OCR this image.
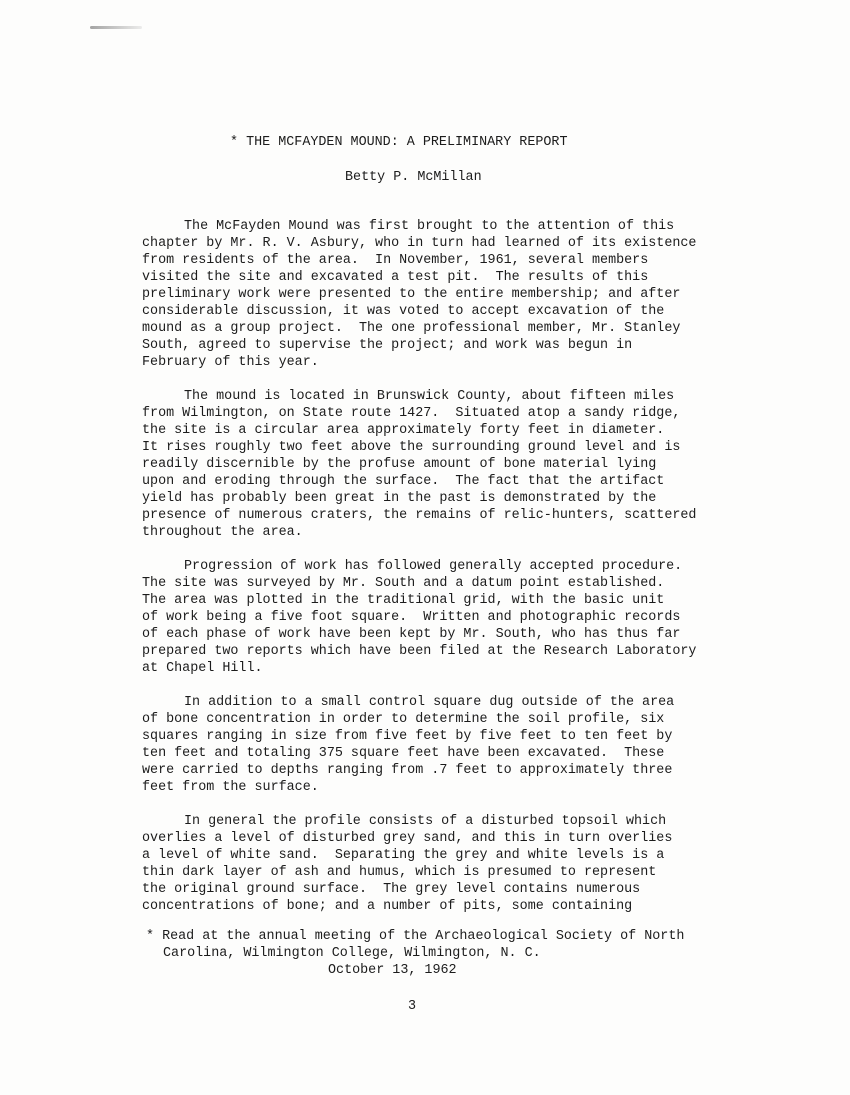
* THE MCFAYDEN MOUND: A PRELIMINARY REPORT
Betty P. McMillan
The McFayden Mound was first brought to the attention of this
chapter by Mr. R. V. Asbury, who in turn had learned of its existence
from residents of the area.  In November, 1961, several members
visited the site and excavated a test pit.  The results of this
preliminary work were presented to the entire membership; and after
considerable discussion, it was voted to accept excavation of the
mound as a group project.  The one professional member, Mr. Stanley
South, agreed to supervise the project; and work was begun in
February of this year.
The mound is located in Brunswick County, about fifteen miles
from Wilmington, on State route 1427.  Situated atop a sandy ridge,
the site is a circular area approximately forty feet in diameter.
It rises roughly two feet above the surrounding ground level and is
readily discernible by the profuse amount of bone material lying
upon and eroding through the surface.  The fact that the artifact
yield has probably been great in the past is demonstrated by the
presence of numerous craters, the remains of relic-hunters, scattered
throughout the area.
Progression of work has followed generally accepted procedure.
The site was surveyed by Mr. South and a datum point established.
The area was plotted in the traditional grid, with the basic unit
of work being a five foot square.  Written and photographic records
of each phase of work have been kept by Mr. South, who has thus far
prepared two reports which have been filed at the Research Laboratory
at Chapel Hill.
In addition to a small control square dug outside of the area
of bone concentration in order to determine the soil profile, six
squares ranging in size from five feet by five feet to ten feet by
ten feet and totaling 375 square feet have been excavated.  These
were carried to depths ranging from .7 feet to approximately three
feet from the surface.
In general the profile consists of a disturbed topsoil which
overlies a level of disturbed grey sand, and this in turn overlies
a level of white sand.  Separating the grey and white levels is a
thin dark layer of ash and humus, which is presumed to represent
the original ground surface.  The grey level contains numerous
concentrations of bone; and a number of pits, some containing
* Read at the annual meeting of the Archaeological Society of North
Carolina, Wilmington College, Wilmington, N. C.
October 13, 1962
3
